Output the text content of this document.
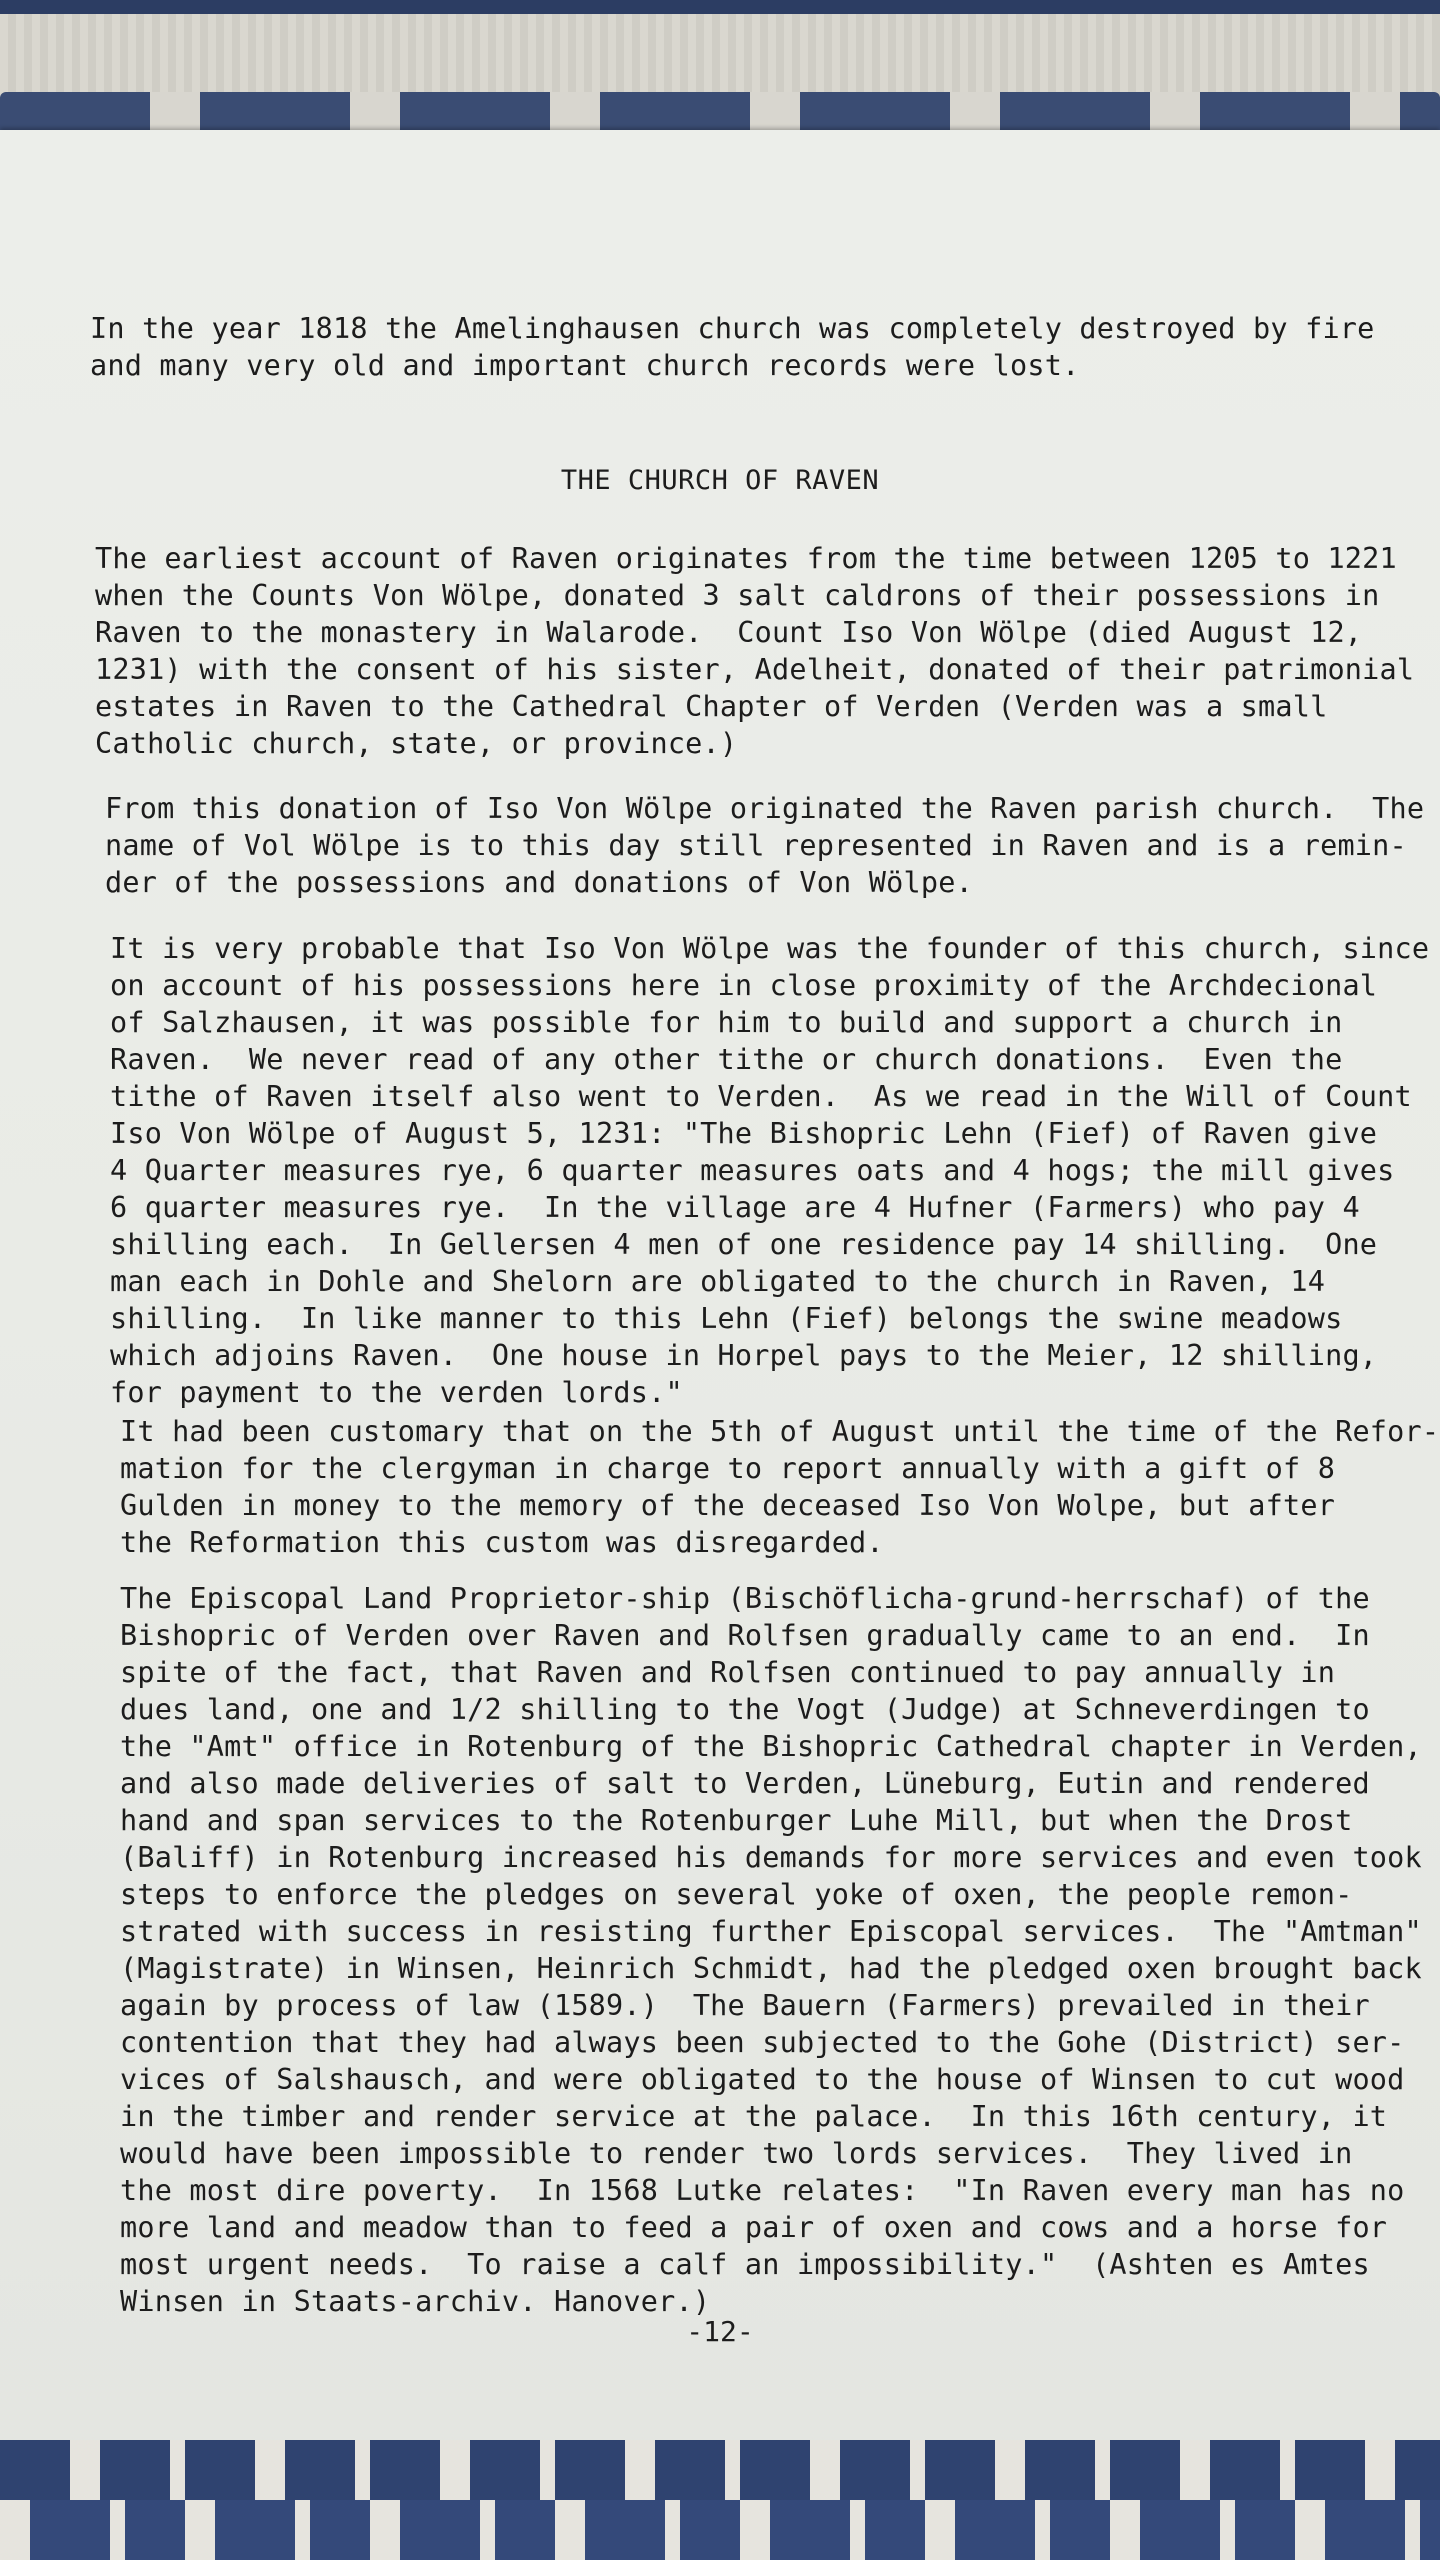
In the year 1818 the Amelinghausen church was completely destroyed by fire
and many very old and important church records were lost.
THE CHURCH OF RAVEN
The earliest account of Raven originates from the time between 1205 to 1221
when the Counts Von Wölpe, donated 3 salt caldrons of their possessions in
Raven to the monastery in Walarode.  Count Iso Von Wölpe (died August 12,
1231) with the consent of his sister, Adelheit, donated of their patrimonial
estates in Raven to the Cathedral Chapter of Verden (Verden was a small
Catholic church, state, or province.)
From this donation of Iso Von Wölpe originated the Raven parish church.  The
name of Vol Wölpe is to this day still represented in Raven and is a remin-
der of the possessions and donations of Von Wölpe.
It is very probable that Iso Von Wölpe was the founder of this church, since
on account of his possessions here in close proximity of the Archdecional
of Salzhausen, it was possible for him to build and support a church in
Raven.  We never read of any other tithe or church donations.  Even the
tithe of Raven itself also went to Verden.  As we read in the Will of Count
Iso Von Wölpe of August 5, 1231: "The Bishopric Lehn (Fief) of Raven give
4 Quarter measures rye, 6 quarter measures oats and 4 hogs; the mill gives
6 quarter measures rye.  In the village are 4 Hufner (Farmers) who pay 4
shilling each.  In Gellersen 4 men of one residence pay 14 shilling.  One
man each in Dohle and Shelorn are obligated to the church in Raven, 14
shilling.  In like manner to this Lehn (Fief) belongs the swine meadows
which adjoins Raven.  One house in Horpel pays to the Meier, 12 shilling,
for payment to the verden lords."
It had been customary that on the 5th of August until the time of the Refor-
mation for the clergyman in charge to report annually with a gift of 8
Gulden in money to the memory of the deceased Iso Von Wolpe, but after
the Reformation this custom was disregarded.
The Episcopal Land Proprietor-ship (Bischöflicha-grund-herrschaf) of the
Bishopric of Verden over Raven and Rolfsen gradually came to an end.  In
spite of the fact, that Raven and Rolfsen continued to pay annually in
dues land, one and 1/2 shilling to the Vogt (Judge) at Schneverdingen to
the "Amt" office in Rotenburg of the Bishopric Cathedral chapter in Verden,
and also made deliveries of salt to Verden, Lüneburg, Eutin and rendered
hand and span services to the Rotenburger Luhe Mill, but when the Drost
(Baliff) in Rotenburg increased his demands for more services and even took
steps to enforce the pledges on several yoke of oxen, the people remon-
strated with success in resisting further Episcopal services.  The "Amtman"
(Magistrate) in Winsen, Heinrich Schmidt, had the pledged oxen brought back
again by process of law (1589.)  The Bauern (Farmers) prevailed in their
contention that they had always been subjected to the Gohe (District) ser-
vices of Salshausch, and were obligated to the house of Winsen to cut wood
in the timber and render service at the palace.  In this 16th century, it
would have been impossible to render two lords services.  They lived in
the most dire poverty.  In 1568 Lutke relates:  "In Raven every man has no
more land and meadow than to feed a pair of oxen and cows and a horse for
most urgent needs.  To raise a calf an impossibility."  (Ashten es Amtes
Winsen in Staats-archiv. Hanover.)
-12-
